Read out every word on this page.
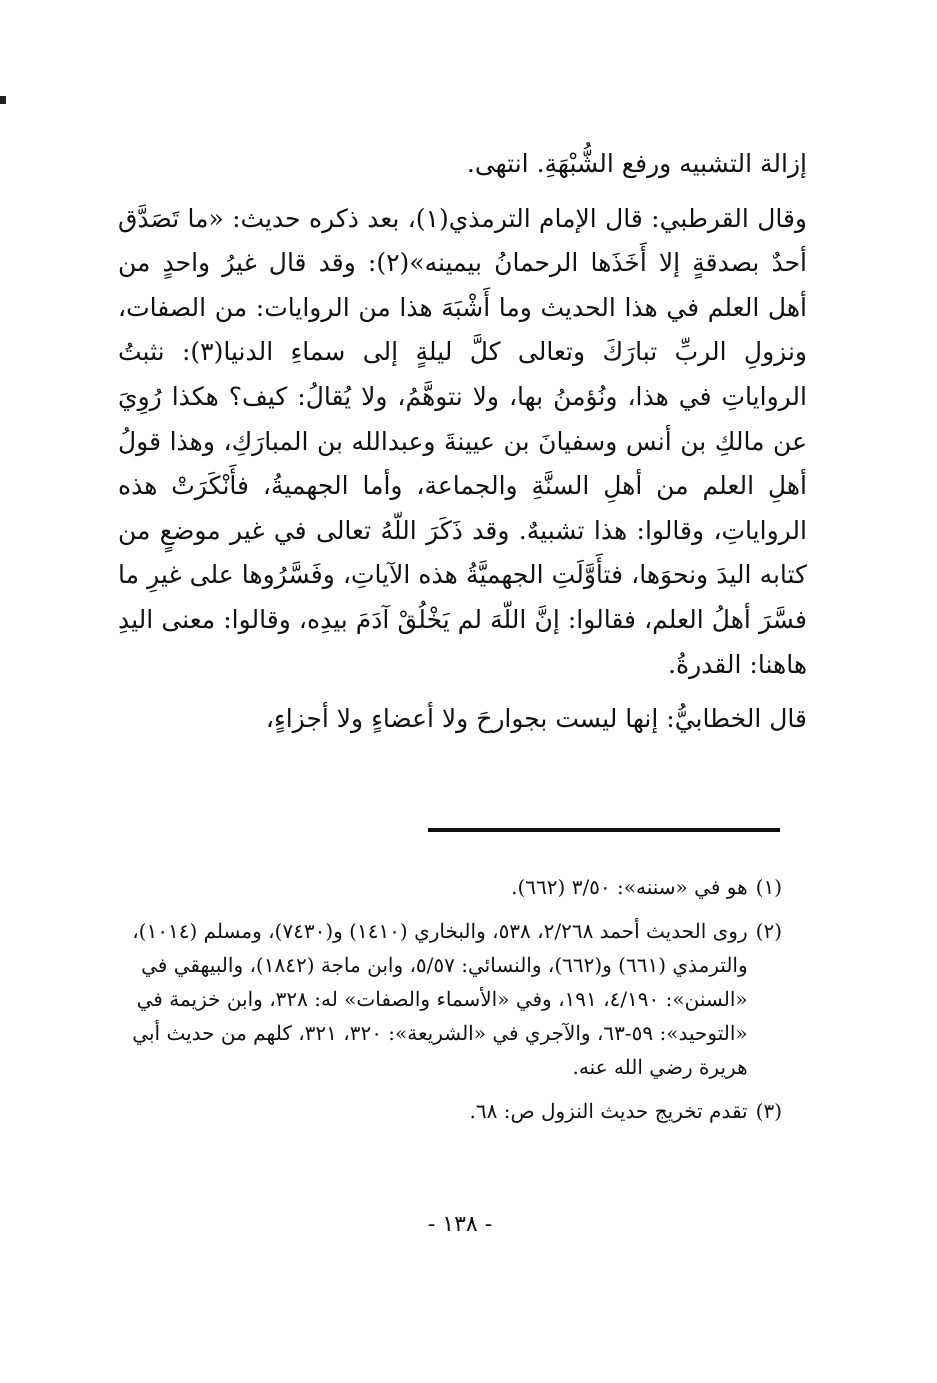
إزالة التشبيه ورفع الشُّبْهَةِ. انتهى.

وقال القرطبي: قال الإمام الترمذي(١)، بعد ذكره حديث: «ما تَصَدَّق أحدٌ بصدقةٍ إلا أَخَذَها الرحمانُ بيمينه»(٢): وقد قال غيرُ واحدٍ من أهل العلم في هذا الحديث وما أَشْبَهَ هذا من الروايات: من الصفات، ونزولِ الربِّ تبارَكَ وتعالى كلَّ ليلةٍ إلى سماءِ الدنيا(٣): نثبتُ الرواياتِ في هذا، ونُؤمنُ بها، ولا نتوهَّمُ، ولا يُقالُ: كيف؟ هكذا رُوِيَ عن مالكِ بن أنس وسفيانَ بن عيينةَ وعبدالله بن المبارَكِ، وهذا قولُ أهلِ العلم من أهلِ السنَّةِ والجماعة، وأما الجهميةُ، فأَنْكَرَتْ هذه الرواياتِ، وقالوا: هذا تشبيهٌ. وقد ذَكَرَ اللّهُ تعالى في غير موضعٍ من كتابه اليدَ ونحوَها، فتأَوَّلَتِ الجهميَّةُ هذه الآياتِ، وفَسَّرُوها على غيرِ ما فسَّرَ أهلُ العلم، فقالوا: إنَّ اللّهَ لم يَخْلُقْ آدَمَ بيدِه، وقالوا: معنى اليدِ هاهنا: القدرةُ.

قال الخطابيُّ: إنها ليست بجوارحَ ولا أعضاءٍ ولا أجزاءٍ،

(١)
هو في «سننه»: ٣/٥٠ (٦٦٢).
(٢)
روى الحديث أحمد ٢/٢٦٨، ٥٣٨، والبخاري (١٤١٠) و(٧٤٣٠)، ومسلم (١٠١٤)، والترمذي (٦٦١) و(٦٦٢)، والنسائي: ٥/٥٧، وابن ماجة (١٨٤٢)، والبيهقي في «السنن»: ٤/١٩٠، ١٩١، وفي «الأسماء والصفات» له: ٣٢٨، وابن خزيمة في «التوحيد»: ٥٩-٦٣، والآجري في «الشريعة»: ٣٢٠، ٣٢١، كلهم من حديث أبي هريرة رضي الله عنه.
(٣)
تقدم تخريج حديث النزول ص: ٦٨.
- ١٣٨ -
